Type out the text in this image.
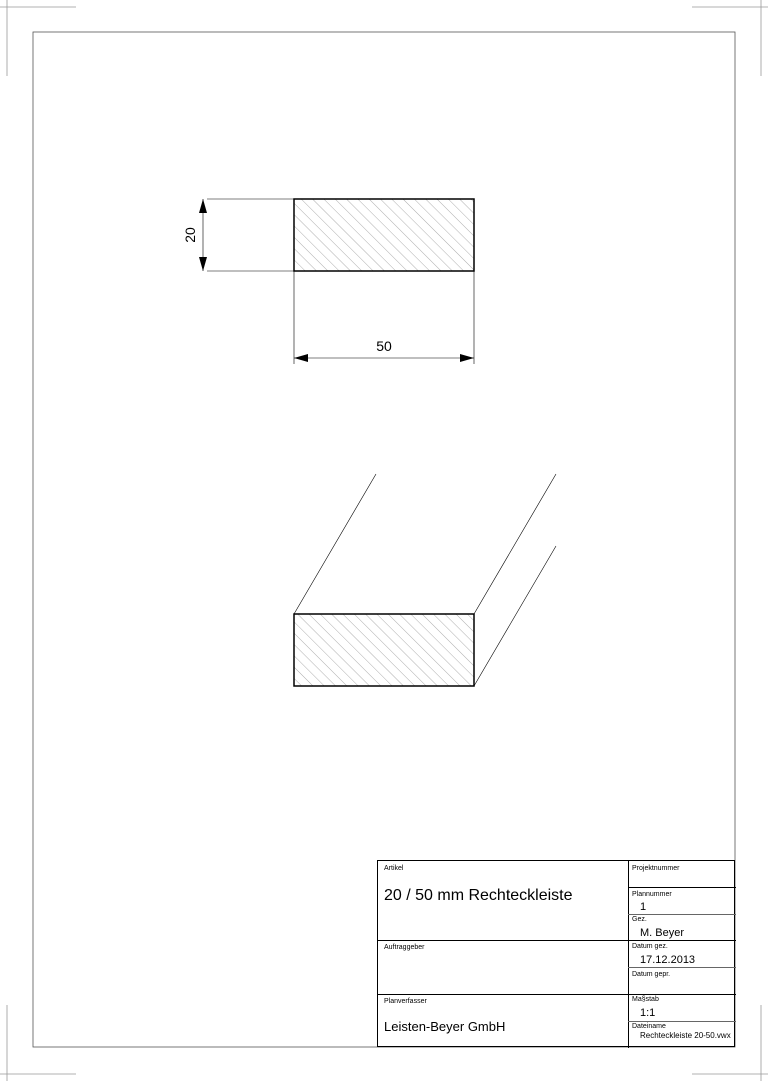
20
50
Artikel
20 / 50 mm Rechteckleiste
Auftraggeber
Planverfasser
Leisten-Beyer GmbH
Projektnummer
Plannummer
1
Gez.
M. Beyer
Datum gez.
17.12.2013
Datum gepr.
Ma§stab
1:1
Dateiname
Rechteckleiste 20-50.vwx
